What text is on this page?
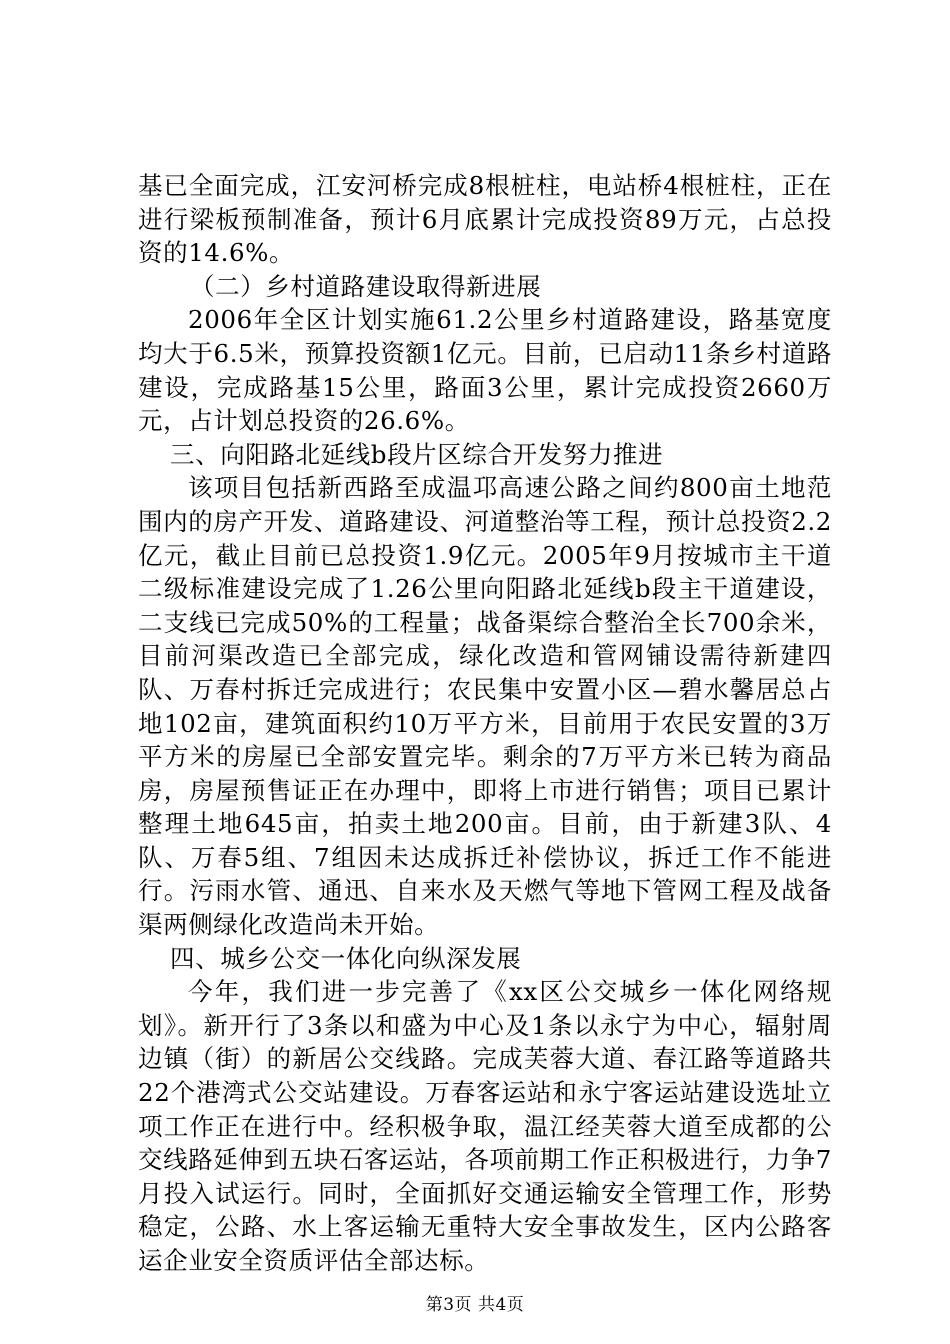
基已全面完成，江安河桥完成8根桩柱，电站桥4根桩柱，正在进行梁板预制准备，预计6月底累计完成投资89万元，占总投资的14.6%。

（二）乡村道路建设取得新进展

2006年全区计划实施61.2公里乡村道路建设，路基宽度均大于6.5米，预算投资额1亿元。目前，已启动11条乡村道路建设，完成路基15公里，路面3公里，累计完成投资2660万元，占计划总投资的26.6%。

三、向阳路北延线b段片区综合开发努力推进

该项目包括新西路至成温邛高速公路之间约800亩土地范围内的房产开发、道路建设、河道整治等工程，预计总投资2.2亿元，截止目前已总投资1.9亿元。2005年9月按城市主干道二级标准建设完成了1.26公里向阳路北延线b段主干道建设，二支线已完成50%的工程量；战备渠综合整治全长700余米，目前河渠改造已全部完成，绿化改造和管网铺设需待新建四队、万春村拆迁完成进行；农民集中安置小区—碧水馨居总占地102亩，建筑面积约10万平方米，目前用于农民安置的3万平方米的房屋已全部安置完毕。剩余的7万平方米已转为商品房，房屋预售证正在办理中，即将上市进行销售；项目已累计整理土地645亩，拍卖土地200亩。目前，由于新建3队、4队、万春5组、7组因未达成拆迁补偿协议，拆迁工作不能进行。污雨水管、通迅、自来水及天燃气等地下管网工程及战备渠两侧绿化改造尚未开始。

四、城乡公交一体化向纵深发展

今年，我们进一步完善了《xx区公交城乡一体化网络规划》。新开行了3条以和盛为中心及1条以永宁为中心，辐射周边镇（街）的新居公交线路。完成芙蓉大道、春江路等道路共22个港湾式公交站建设。万春客运站和永宁客运站建设选址立项工作正在进行中。经积极争取，温江经芙蓉大道至成都的公交线路延伸到五块石客运站，各项前期工作正积极进行，力争7月投入试运行。同时，全面抓好交通运输安全管理工作，形势稳定，公路、水上客运输无重特大安全事故发生，区内公路客运企业安全资质评估全部达标。

第3页 共4页
